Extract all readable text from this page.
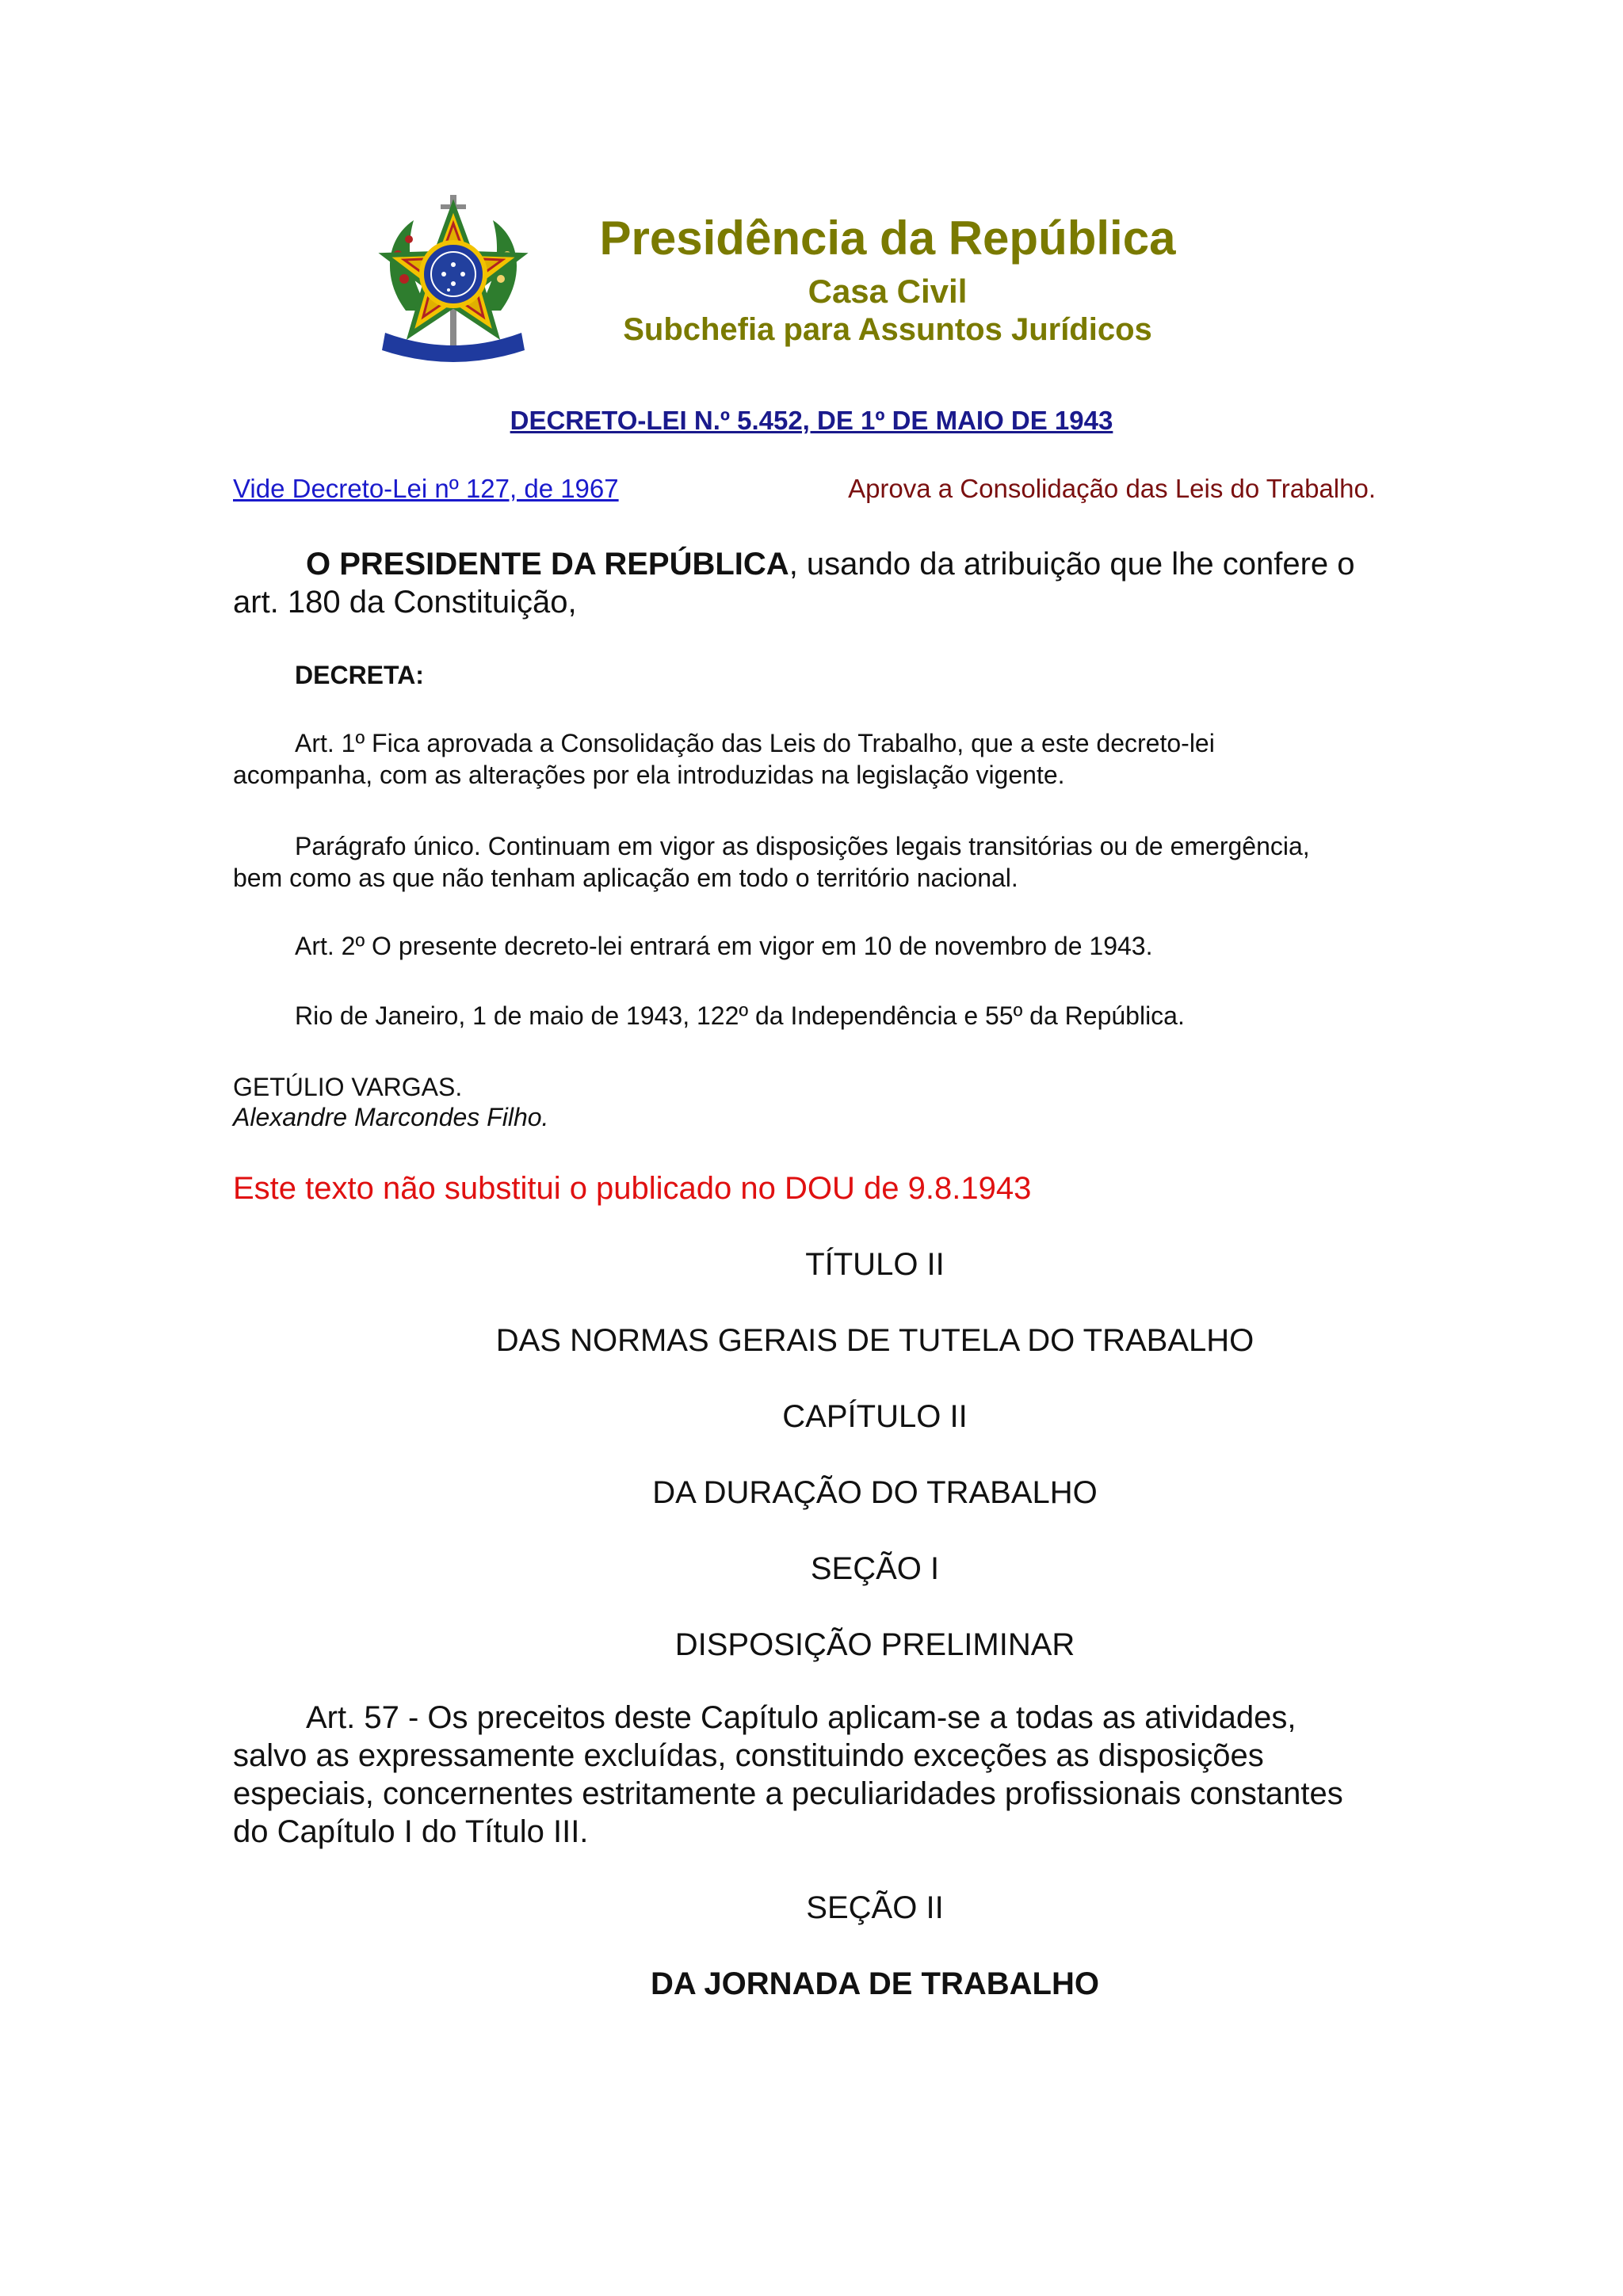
Presidência da República
Casa Civil
Subchefia para Assuntos Jurídicos
DECRETO-LEI N.º 5.452, DE 1º DE MAIO DE 1943
Vide Decreto-Lei nº 127, de 1967	Aprova a Consolidação das Leis do Trabalho.
O PRESIDENTE DA REPÚBLICA, usando da atribuição que lhe confere o
art. 180 da Constituição,
DECRETA:
Art. 1º Fica aprovada a Consolidação das Leis do Trabalho, que a este decreto-lei
acompanha, com as alterações por ela introduzidas na legislação vigente.
Parágrafo único. Continuam em vigor as disposições legais transitórias ou de emergência,
bem como as que não tenham aplicação em todo o território nacional.
Art. 2º O presente decreto-lei entrará em vigor em 10 de novembro de 1943.
Rio de Janeiro, 1 de maio de 1943, 122º da Independência e 55º da República.
GETÚLIO VARGAS.
Alexandre Marcondes Filho.
Este texto não substitui o publicado no DOU de 9.8.1943
TÍTULO II
DAS NORMAS GERAIS DE TUTELA DO TRABALHO
CAPÍTULO II
DA DURAÇÃO DO TRABALHO
SEÇÃO I
DISPOSIÇÃO PRELIMINAR
Art. 57 - Os preceitos deste Capítulo aplicam-se a todas as atividades,
salvo as expressamente excluídas, constituindo exceções as disposições
especiais, concernentes estritamente a peculiaridades profissionais constantes
do Capítulo I do Título III.
SEÇÃO II
DA JORNADA DE TRABALHO
